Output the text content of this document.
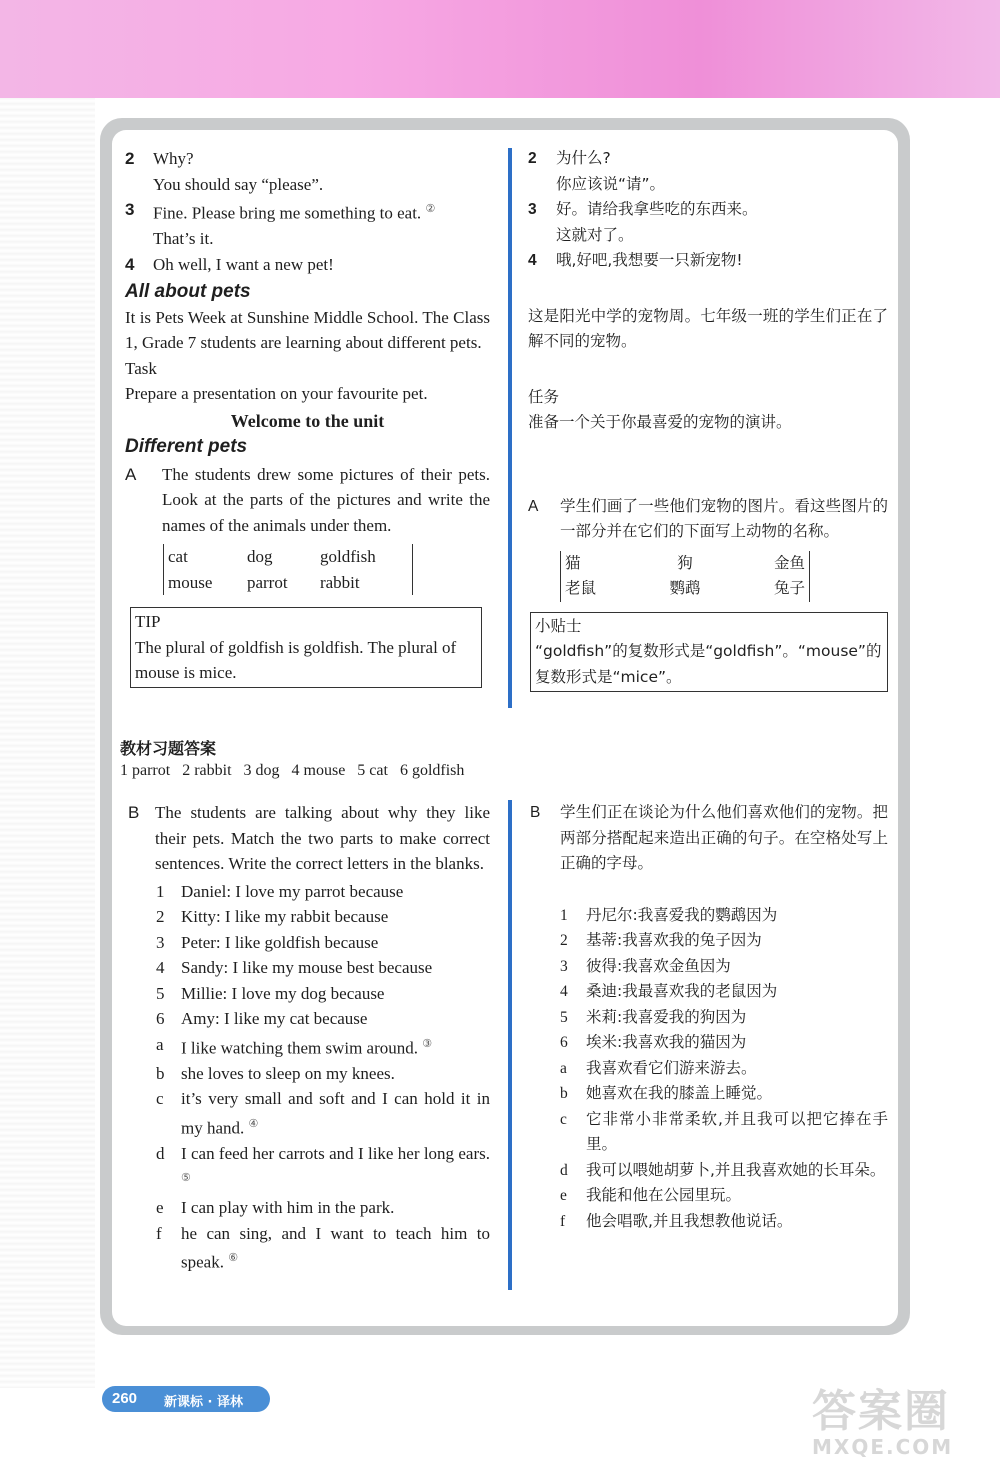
2	Why?
You should say “please”.
3	Fine. Please bring me something to eat. ②
That’s it.
4	Oh well, I want a new pet!
All about pets
It is Pets Week at Sunshine Middle School. The Class 1, Grade 7 students are learning about different pets.
Task
Prepare a presentation on your favourite pet.
Welcome to the unit
Different pets
A	The students drew some pictures of their pets. Look at the parts of the pictures and write the names of the animals under them.
cat	dog	goldfish
mouse	parrot	rabbit
TIP
The plural of goldfish is goldfish. The plural of mouse is mice.
2	为什么?
你应该说“请”。
3	好。请给我拿些吃的东西来。
这就对了。
4	哦,好吧,我想要一只新宠物!
这是阳光中学的宠物周。七年级一班的学生们正在了解不同的宠物。
任务
准备一个关于你最喜爱的宠物的演讲。
A	学生们画了一些他们宠物的图片。看这些图片的一部分并在它们的下面写上动物的名称。
猫	狗	金鱼
老鼠	鹦鹉	兔子
小贴士
“goldfish”的复数形式是“goldfish”。“mouse”的复数形式是“mice”。
教材习题答案
1 parrot   2 rabbit   3 dog   4 mouse   5 cat   6 goldfish
B The students are talking about why they like their pets. Match the two parts to make correct sentences. Write the correct letters in the blanks.
1 Daniel: I love my parrot because
2 Kitty: I like my rabbit because
3 Peter: I like goldfish because
4 Sandy: I like my mouse best because
5 Millie: I love my dog because
6 Amy: I like my cat because
a	I like watching them swim around. ③
b she loves to sleep on my knees.
c	it’s very small and soft and I can hold it in my hand. ④
d I can feed her carrots and I like her long ears. ⑤
e	I can play with him in the park.
f	he can sing, and I want to teach him to speak. ⑥
B	学生们正在谈论为什么他们喜欢他们的宠物。把两部分搭配起来造出正确的句子。在空格处写上正确的字母。
1	丹尼尔:我喜爱我的鹦鹉因为
2	基蒂:我喜欢我的兔子因为
3	彼得:我喜欢金鱼因为
4	桑迪:我最喜欢我的老鼠因为
5	米莉:我喜爱我的狗因为
6	埃米:我喜欢我的猫因为
a	我喜欢看它们游来游去。
b	她喜欢在我的膝盖上睡觉。
c	它非常小非常柔软,并且我可以把它捧在手里。
d	我可以喂她胡萝卜,并且我喜欢她的长耳朵。
e	我能和他在公园里玩。
f	他会唱歌,并且我想教他说话。
260 新课标 · 译林	答案圈
MXQE.COM
